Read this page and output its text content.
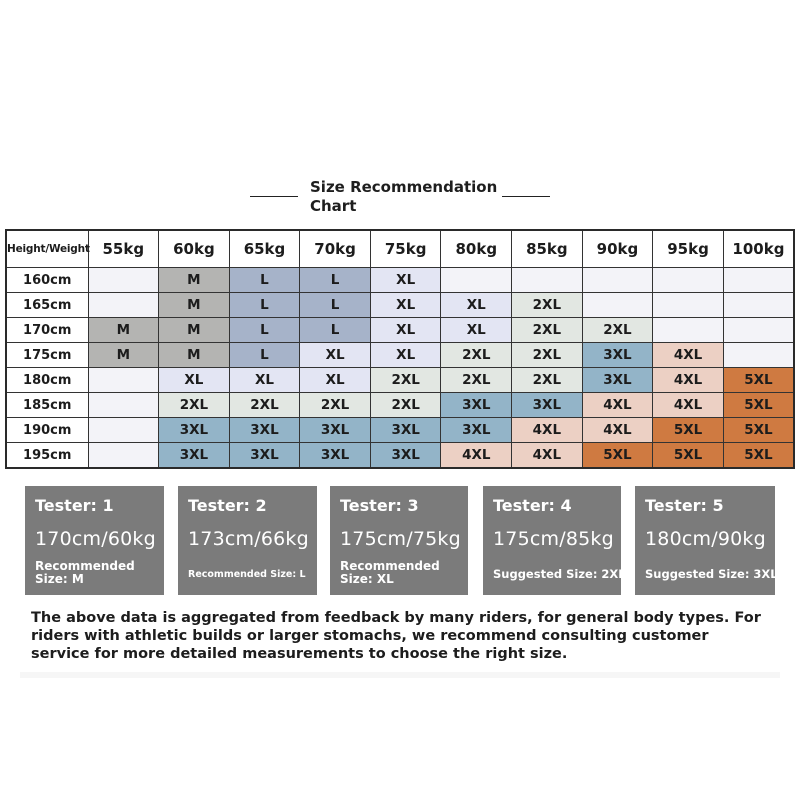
Size Recommendation Chart
Height/Weight	55kg	60kg	65kg	70kg	75kg	80kg	85kg	90kg	95kg	100kg
160cm		M	L	L	XL					
165cm		M	L	L	XL	XL	2XL			
170cm	M	M	L	L	XL	XL	2XL	2XL		
175cm	M	M	L	XL	XL	2XL	2XL	3XL	4XL	
180cm		XL	XL	XL	2XL	2XL	2XL	3XL	4XL	5XL
185cm		2XL	2XL	2XL	2XL	3XL	3XL	4XL	4XL	5XL
190cm		3XL	3XL	3XL	3XL	3XL	4XL	4XL	5XL	5XL
195cm		3XL	3XL	3XL	3XL	4XL	4XL	5XL	5XL	5XL
Tester: 1
170cm/60kg
Recommended Size: M
Tester: 2
173cm/66kg
Recommended Size: L
Tester: 3
175cm/75kg
Recommended Size: XL
Tester: 4
175cm/85kg
Suggested Size: 2XL
Tester: 5
180cm/90kg
Suggested Size: 3XL
The above data is aggregated from feedback by many riders, for general body types. For riders with athletic builds or larger stomachs, we recommend consulting customer service for more detailed measurements to choose the right size.
